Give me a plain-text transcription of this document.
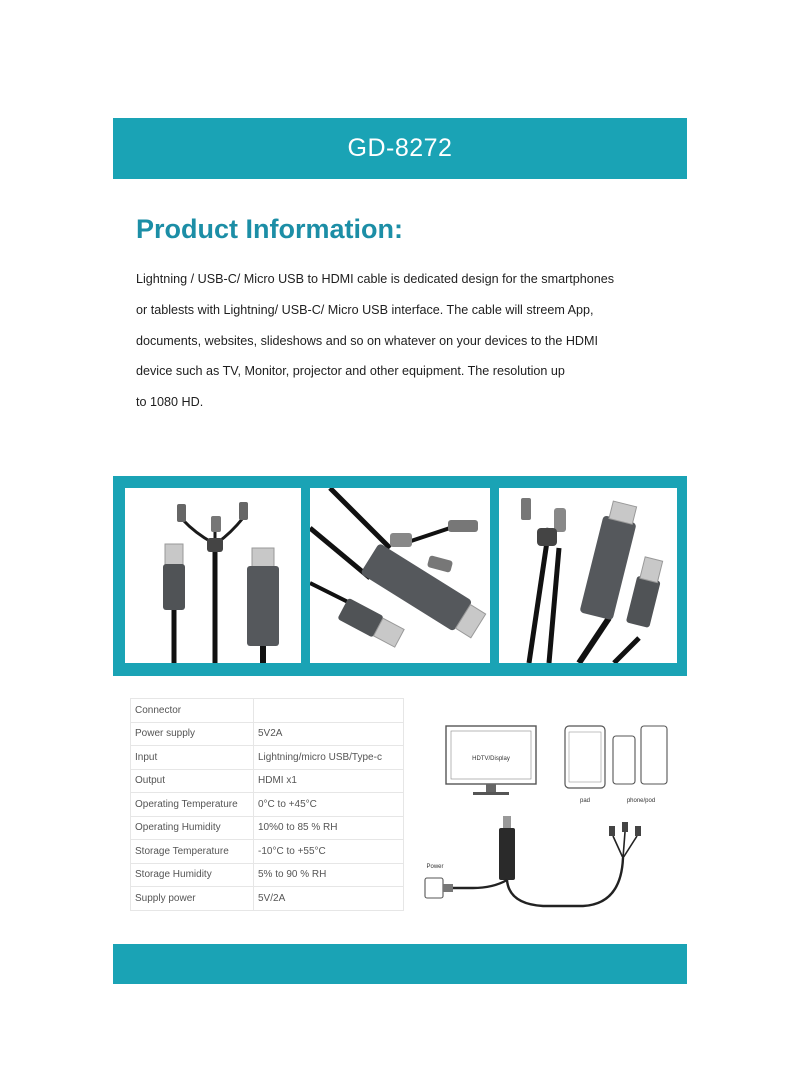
GD-8272
Product Information:
Lightning / USB-C/ Micro USB to HDMI cable is dedicated design for the smartphones
or tablests with Lightning/ USB-C/ Micro USB interface. The cable will streem App,
documents, websites, slideshows and so on whatever on your devices to the HDMI
device such as TV, Monitor, projector and other equipment. The resolution up
to 1080 HD.
Connector	
Power supply	5V2A
Input	Lightning/micro USB/Type-c
Output	HDMI x1
Operating Temperature	0°C to +45°C
Operating Humidity	10%0 to 85 % RH
Storage Temperature	-10°C to +55°C
Storage Humidity	5% to 90 % RH
Supply power	5V/2A
HDTV/Display
pad	phone/pod
Power
